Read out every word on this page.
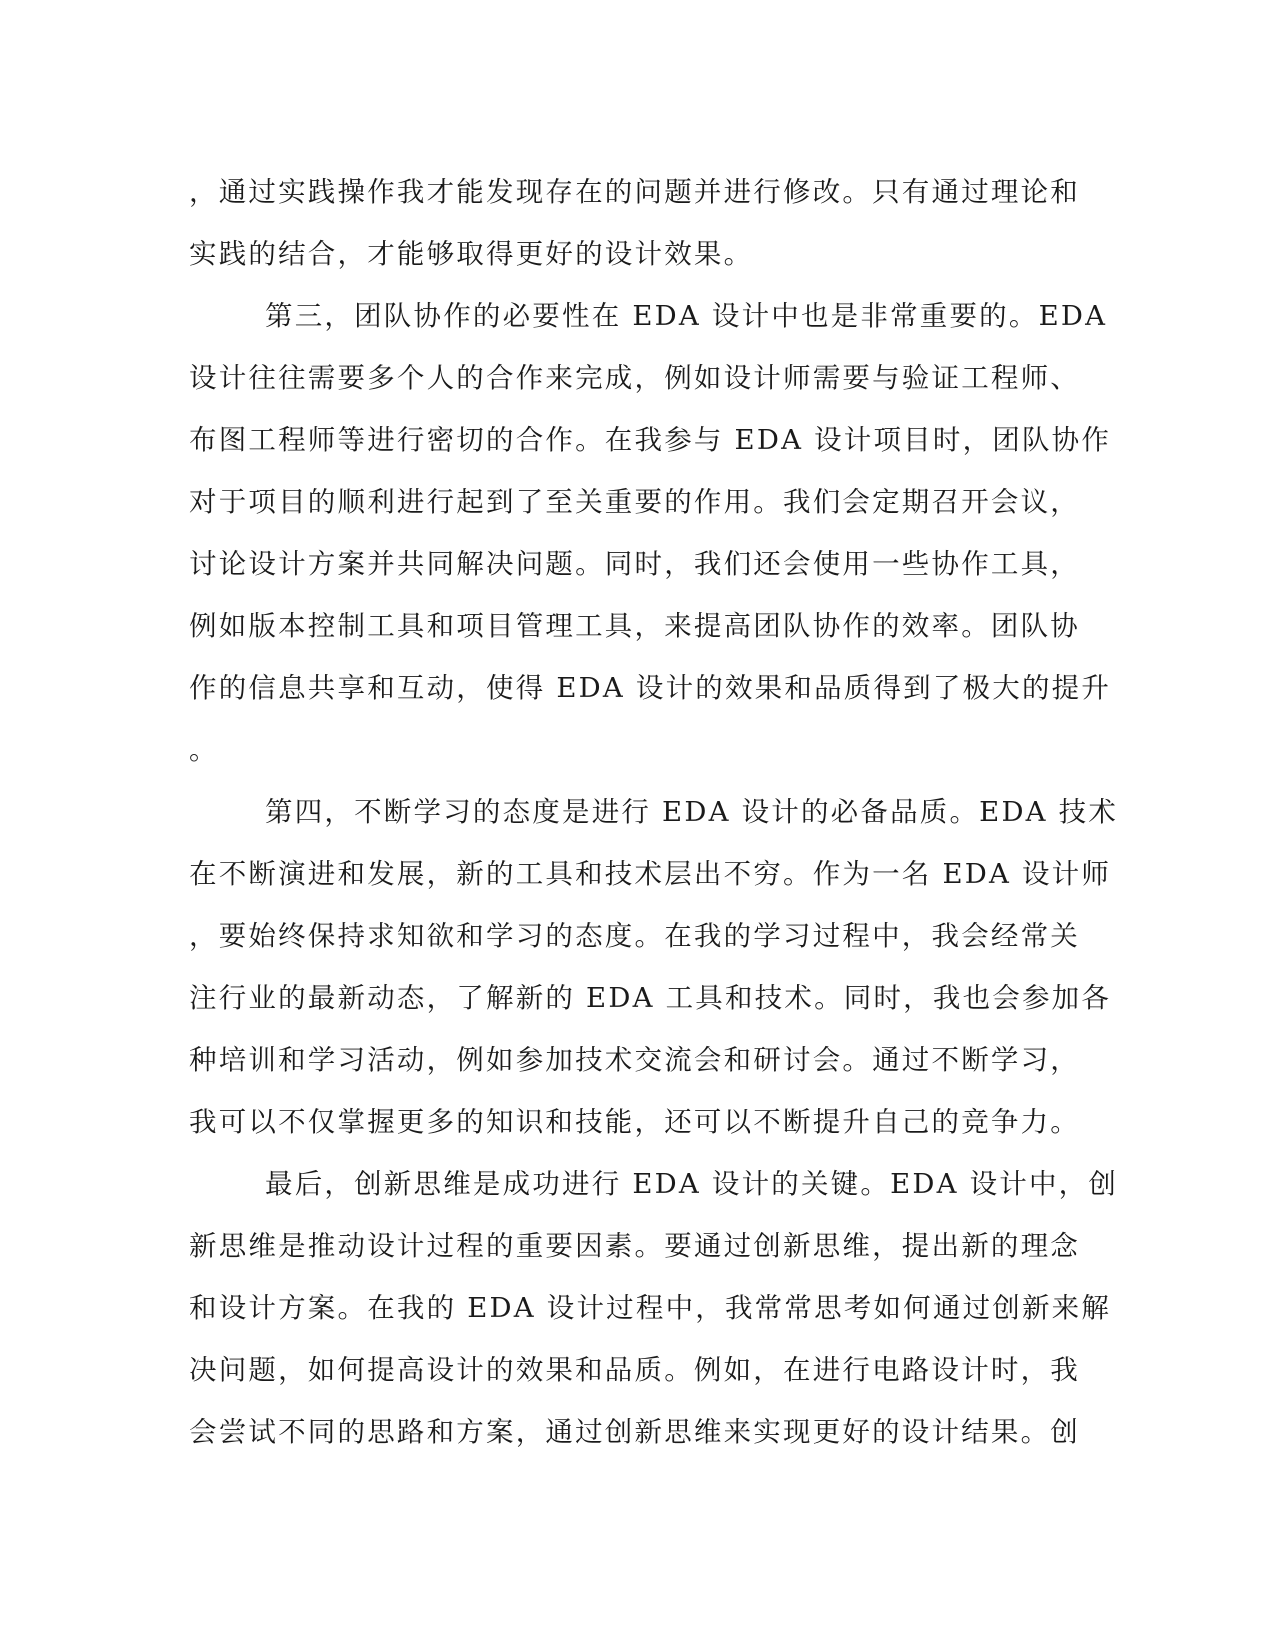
，通过实践操作我才能发现存在的问题并进行修改。只有通过理论和
实践的结合，才能够取得更好的设计效果。
第三，团队协作的必要性在 EDA 设计中也是非常重要的。EDA
设计往往需要多个人的合作来完成，例如设计师需要与验证工程师、
布图工程师等进行密切的合作。在我参与 EDA 设计项目时，团队协作
对于项目的顺利进行起到了至关重要的作用。我们会定期召开会议，
讨论设计方案并共同解决问题。同时，我们还会使用一些协作工具，
例如版本控制工具和项目管理工具，来提高团队协作的效率。团队协
作的信息共享和互动，使得 EDA 设计的效果和品质得到了极大的提升
。
第四，不断学习的态度是进行 EDA 设计的必备品质。EDA 技术
在不断演进和发展，新的工具和技术层出不穷。作为一名 EDA 设计师
，要始终保持求知欲和学习的态度。在我的学习过程中，我会经常关
注行业的最新动态，了解新的 EDA 工具和技术。同时，我也会参加各
种培训和学习活动，例如参加技术交流会和研讨会。通过不断学习，
我可以不仅掌握更多的知识和技能，还可以不断提升自己的竞争力。
最后，创新思维是成功进行 EDA 设计的关键。EDA 设计中，创
新思维是推动设计过程的重要因素。要通过创新思维，提出新的理念
和设计方案。在我的 EDA 设计过程中，我常常思考如何通过创新来解
决问题，如何提高设计的效果和品质。例如，在进行电路设计时，我
会尝试不同的思路和方案，通过创新思维来实现更好的设计结果。创
